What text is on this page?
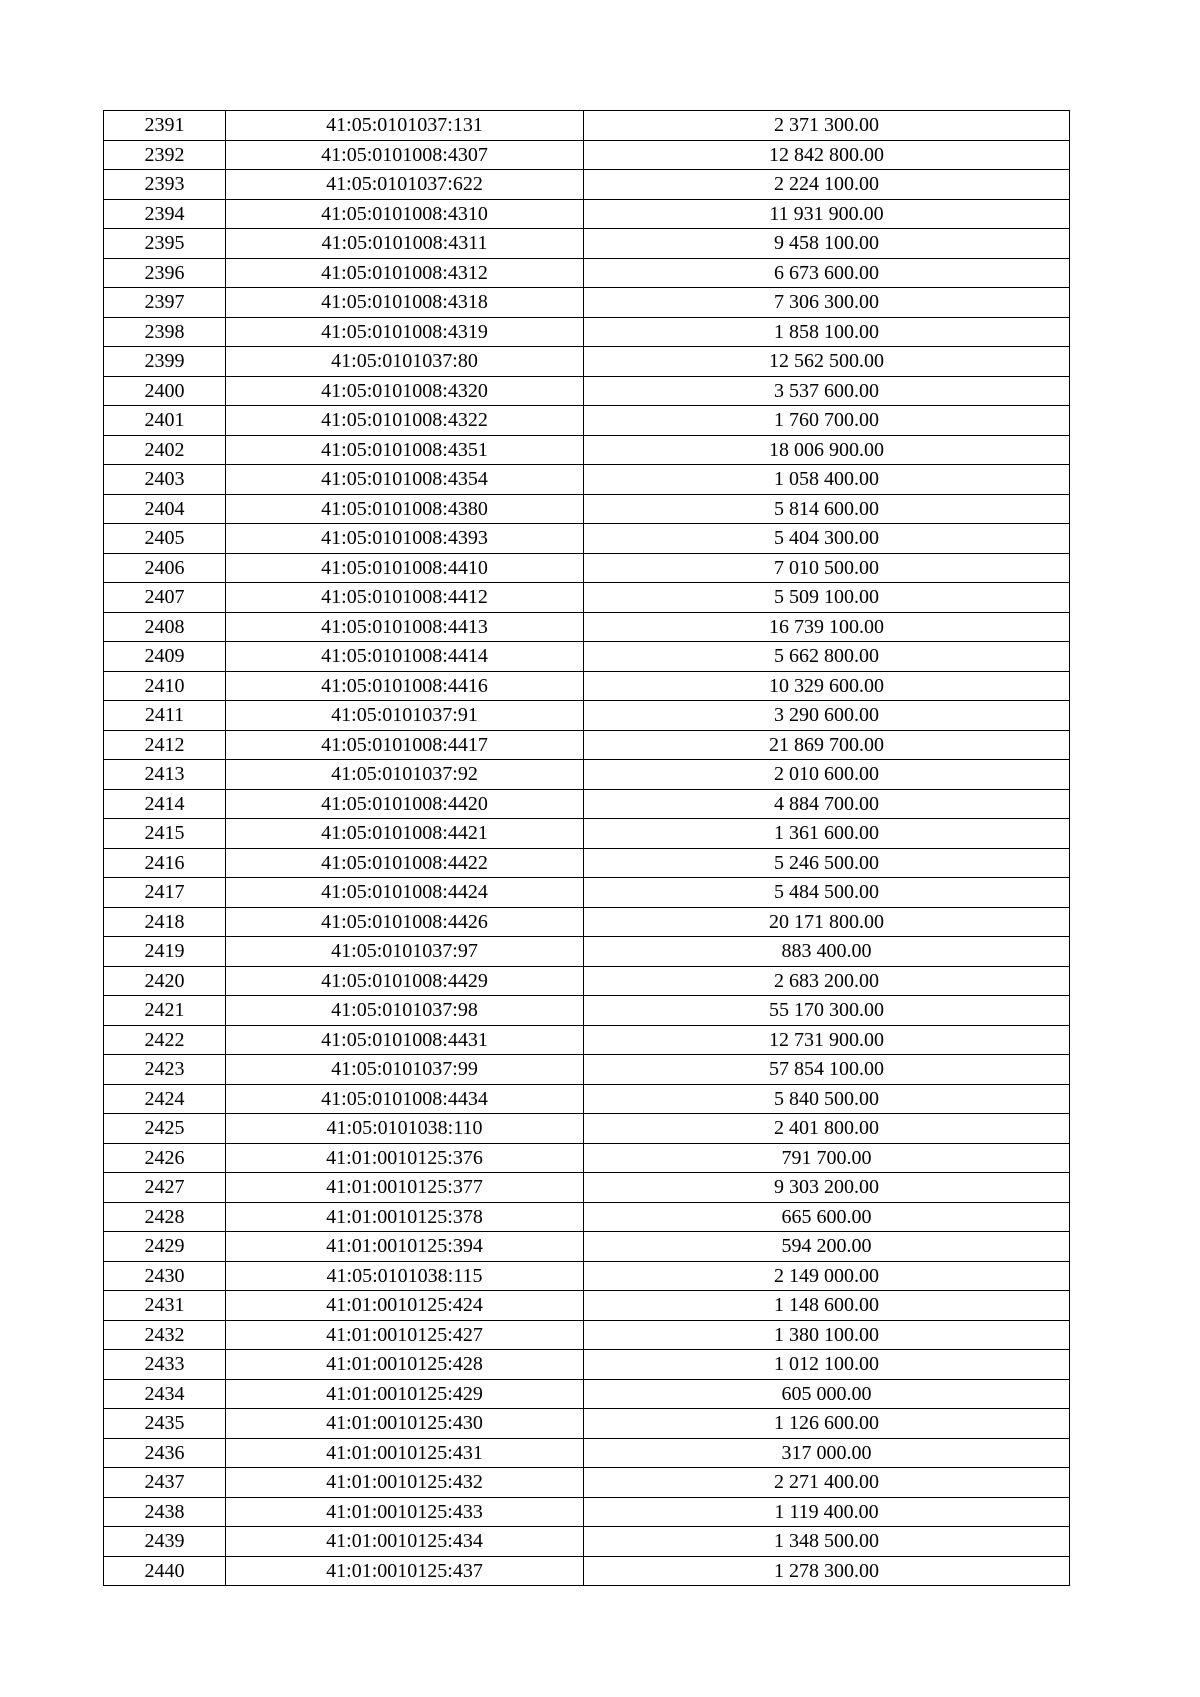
2391	41:05:0101037:131	2 371 300.00
2392	41:05:0101008:4307	12 842 800.00
2393	41:05:0101037:622	2 224 100.00
2394	41:05:0101008:4310	11 931 900.00
2395	41:05:0101008:4311	9 458 100.00
2396	41:05:0101008:4312	6 673 600.00
2397	41:05:0101008:4318	7 306 300.00
2398	41:05:0101008:4319	1 858 100.00
2399	41:05:0101037:80	12 562 500.00
2400	41:05:0101008:4320	3 537 600.00
2401	41:05:0101008:4322	1 760 700.00
2402	41:05:0101008:4351	18 006 900.00
2403	41:05:0101008:4354	1 058 400.00
2404	41:05:0101008:4380	5 814 600.00
2405	41:05:0101008:4393	5 404 300.00
2406	41:05:0101008:4410	7 010 500.00
2407	41:05:0101008:4412	5 509 100.00
2408	41:05:0101008:4413	16 739 100.00
2409	41:05:0101008:4414	5 662 800.00
2410	41:05:0101008:4416	10 329 600.00
2411	41:05:0101037:91	3 290 600.00
2412	41:05:0101008:4417	21 869 700.00
2413	41:05:0101037:92	2 010 600.00
2414	41:05:0101008:4420	4 884 700.00
2415	41:05:0101008:4421	1 361 600.00
2416	41:05:0101008:4422	5 246 500.00
2417	41:05:0101008:4424	5 484 500.00
2418	41:05:0101008:4426	20 171 800.00
2419	41:05:0101037:97	883 400.00
2420	41:05:0101008:4429	2 683 200.00
2421	41:05:0101037:98	55 170 300.00
2422	41:05:0101008:4431	12 731 900.00
2423	41:05:0101037:99	57 854 100.00
2424	41:05:0101008:4434	5 840 500.00
2425	41:05:0101038:110	2 401 800.00
2426	41:01:0010125:376	791 700.00
2427	41:01:0010125:377	9 303 200.00
2428	41:01:0010125:378	665 600.00
2429	41:01:0010125:394	594 200.00
2430	41:05:0101038:115	2 149 000.00
2431	41:01:0010125:424	1 148 600.00
2432	41:01:0010125:427	1 380 100.00
2433	41:01:0010125:428	1 012 100.00
2434	41:01:0010125:429	605 000.00
2435	41:01:0010125:430	1 126 600.00
2436	41:01:0010125:431	317 000.00
2437	41:01:0010125:432	2 271 400.00
2438	41:01:0010125:433	1 119 400.00
2439	41:01:0010125:434	1 348 500.00
2440	41:01:0010125:437	1 278 300.00
